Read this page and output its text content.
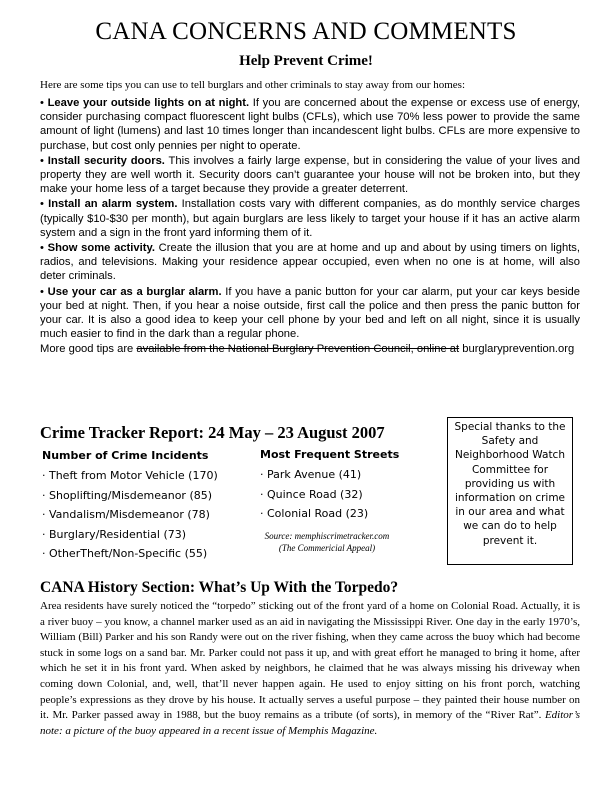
CANA CONCERNS AND COMMENTS
Help Prevent Crime!
Here are some tips you can use to tell burglars and other criminals to stay away from our homes:

• Leave your outside lights on at night. If you are concerned about the expense or excess use of energy, consider purchasing compact fluorescent light bulbs (CFLs), which use 70% less power to provide the same amount of light (lumens) and last 10 times longer than incandescent light bulbs. CFLs are more expensive to purchase, but cost only pennies per night to operate.

• Install security doors. This involves a fairly large expense, but in considering the value of your lives and property they are well worth it. Security doors can’t guarantee your house will not be broken into, but they make your home less of a target because they provide a greater deterrent.

• Install an alarm system. Installation costs vary with different companies, as do monthly service charges (typically $10-$30 per month), but again burglars are less likely to target your house if it has an active alarm system and a sign in the front yard informing them of it.

• Show some activity. Create the illusion that you are at home and up and about by using timers on lights, radios, and televisions. Making your residence appear occupied, even when no one is at home, will also deter criminals.

• Use your car as a burglar alarm. If you have a panic button for your car alarm, put your car keys beside your bed at night. Then, if you hear a noise outside, first call the police and then press the panic button for your car. It is also a good idea to keep your cell phone by your bed and left on all night, since it is usually much easier to find in the dark than a regular phone.

More good tips are available from the National Burglary Prevention Council, online at burglaryprevention.org

Crime Tracker Report: 24 May – 23 August 2007
Number of Crime Incidents
· Theft from Motor Vehicle (170)
· Shoplifting/Misdemeanor (85)
· Vandalism/Misdemeanor (78)
· Burglary/Residential (73)
· OtherTheft/Non-Specific (55)
Most Frequent Streets
· Park Avenue (41)
· Quince Road (32)
· Colonial Road (23)
Source: memphiscrimetracker.com
(The Commericial Appeal)
Special thanks to the Safety and Neighborhood Watch Committee for providing us with information on crime in our area and what we can do to help prevent it.
CANA History Section: What’s Up With the Torpedo?
Area residents have surely noticed the “torpedo” sticking out of the front yard of a home on Colonial Road. Actually, it is a river buoy – you know, a channel marker used as an aid in navigating the Mississippi River. One day in the early 1970’s, William (Bill) Parker and his son Randy were out on the river fishing, when they came across the buoy which had become stuck in some logs on a sand bar. Mr. Parker could not pass it up, and with great effort he managed to bring it home, after which he set it in his front yard. When asked by neighbors, he claimed that he was always missing his driveway when coming down Colonial, and, well, that’ll never happen again. He used to enjoy sitting on his front porch, watching people’s expressions as they drove by his house. It actually serves a useful purpose – they painted their house number on it. Mr. Parker passed away in 1988, but the buoy remains as a tribute (of sorts), in memory of the “River Rat”. Editor’s note: a picture of the buoy appeared in a recent issue of Memphis Magazine.
